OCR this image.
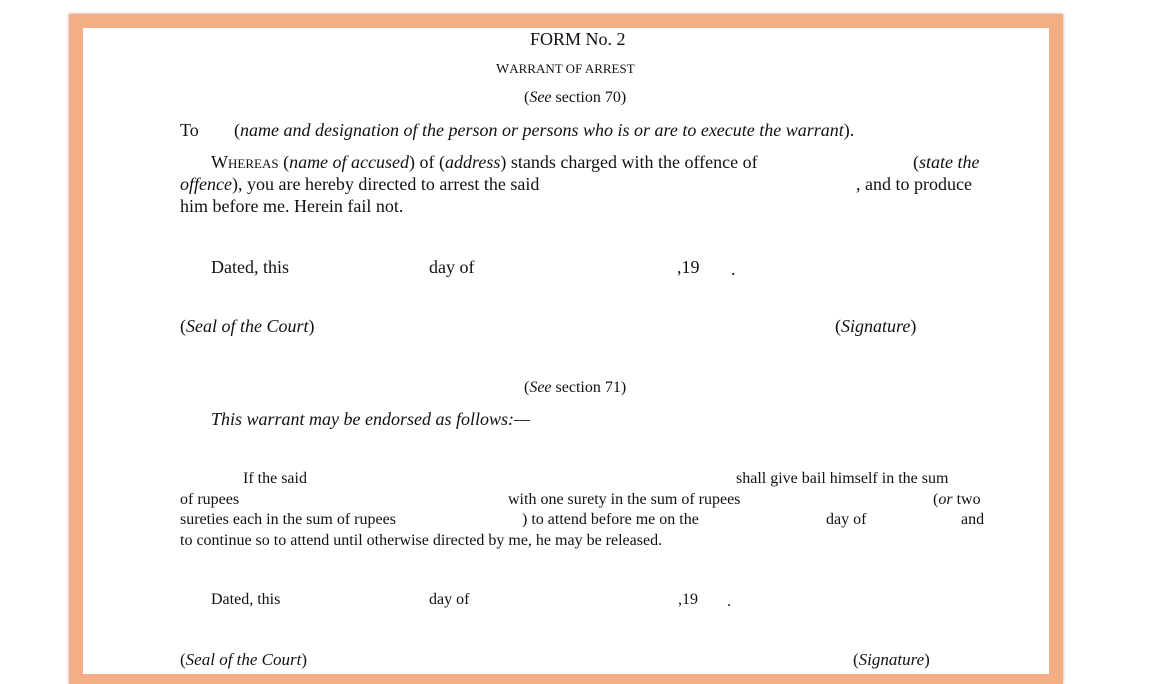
FORM No. 2
WARRANT OF ARREST
(See section 70)
To (name and designation of the person or persons who is or are to execute the warrant).
WHEREAS (name of accused) of (address) stands charged with the offence of	(state the
offence), you are hereby directed to arrest the said	, and to produce
him before me. Herein fail not.
Dated, this	day of	,19 .
(Seal of the Court)	(Signature)
(See section 71)
This warrant may be endorsed as follows:—
If the said	shall give bail himself in the sum
of rupees	with one surety in the sum of rupees	(or two
sureties each in the sum of rupees	) to attend before me on the	day of	and
to continue so to attend until otherwise directed by me, he may be released.
Dated, this	day of	,19 .
(Seal of the Court)	(Signature)
